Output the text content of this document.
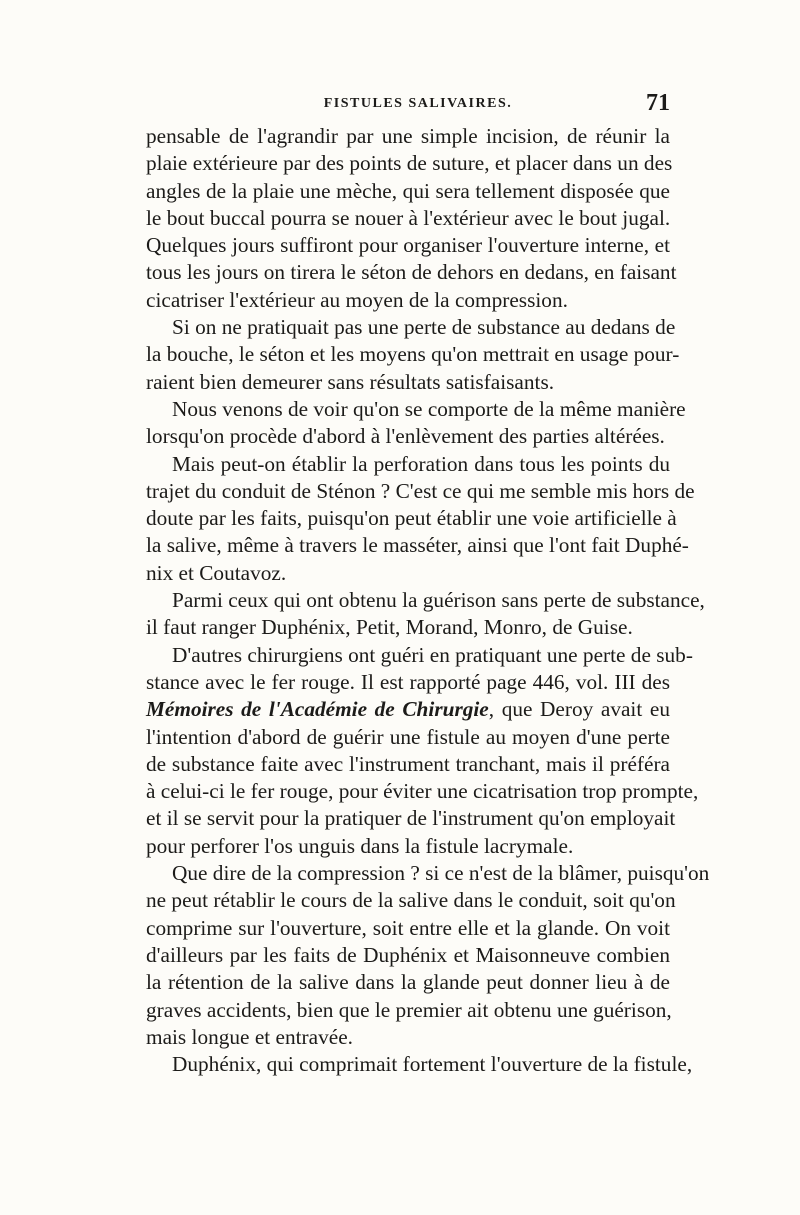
FISTULES SALIVAIRES.	71
pensable de l'agrandir par une simple incision, de réunir la
plaie extérieure par des points de suture, et placer dans un des
angles de la plaie une mèche, qui sera tellement disposée que
le bout buccal pourra se nouer à l'extérieur avec le bout jugal.
Quelques jours suffiront pour organiser l'ouverture interne, et
tous les jours on tirera le séton de dehors en dedans, en faisant
cicatriser l'extérieur au moyen de la compression.
Si on ne pratiquait pas une perte de substance au dedans de
la bouche, le séton et les moyens qu'on mettrait en usage pour-
raient bien demeurer sans résultats satisfaisants.
Nous venons de voir qu'on se comporte de la même manière
lorsqu'on procède d'abord à l'enlèvement des parties altérées.
Mais peut-on établir la perforation dans tous les points du
trajet du conduit de Sténon ? C'est ce qui me semble mis hors de
doute par les faits, puisqu'on peut établir une voie artificielle à
la salive, même à travers le masséter, ainsi que l'ont fait Duphé-
nix et Coutavoz.
Parmi ceux qui ont obtenu la guérison sans perte de substance,
il faut ranger Duphénix, Petit, Morand, Monro, de Guise.
D'autres chirurgiens ont guéri en pratiquant une perte de sub-
stance avec le fer rouge. Il est rapporté page 446, vol. III des
Mémoires de l'Académie de Chirurgie, que Deroy avait eu
l'intention d'abord de guérir une fistule au moyen d'une perte
de substance faite avec l'instrument tranchant, mais il préféra
à celui-ci le fer rouge, pour éviter une cicatrisation trop prompte,
et il se servit pour la pratiquer de l'instrument qu'on employait
pour perforer l'os unguis dans la fistule lacrymale.
Que dire de la compression ? si ce n'est de la blâmer, puisqu'on
ne peut rétablir le cours de la salive dans le conduit, soit qu'on
comprime sur l'ouverture, soit entre elle et la glande. On voit
d'ailleurs par les faits de Duphénix et Maisonneuve combien
la rétention de la salive dans la glande peut donner lieu à de
graves accidents, bien que le premier ait obtenu une guérison,
mais longue et entravée.
Duphénix, qui comprimait fortement l'ouverture de la fistule,
